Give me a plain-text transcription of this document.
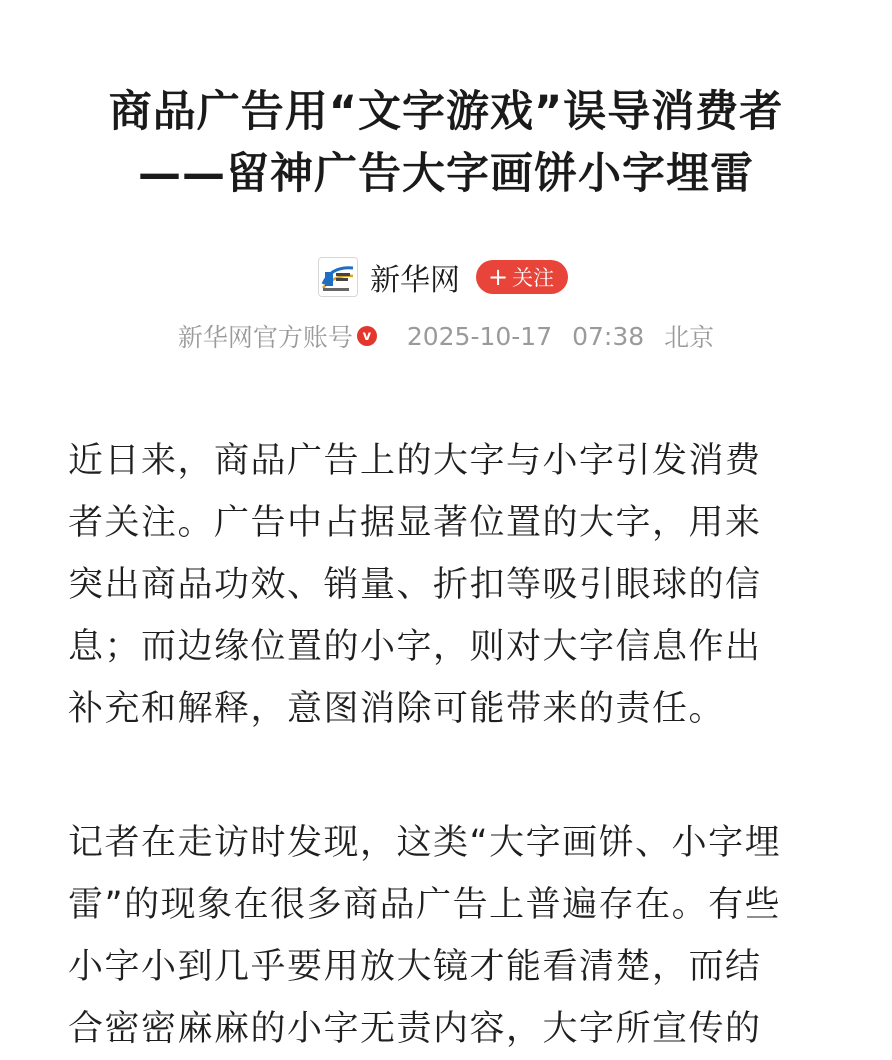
商品广告用“文字游戏”误导消费者
——留神广告大字画饼小字埋雷
新华网 + 关注
新华网官方账号 v 2025-10-17 07:38 北京
近日来，商品广告上的大字与小字引发消费
者关注。广告中占据显著位置的大字，用来
突出商品功效、销量、折扣等吸引眼球的信
息；而边缘位置的小字，则对大字信息作出
补充和解释，意图消除可能带来的责任。
记者在走访时发现，这类“大字画饼、小字埋
雷”的现象在很多商品广告上普遍存在。有些
小字小到几乎要用放大镜才能看清楚，而结
合密密麻麻的小字无责内容，大字所宣传的
